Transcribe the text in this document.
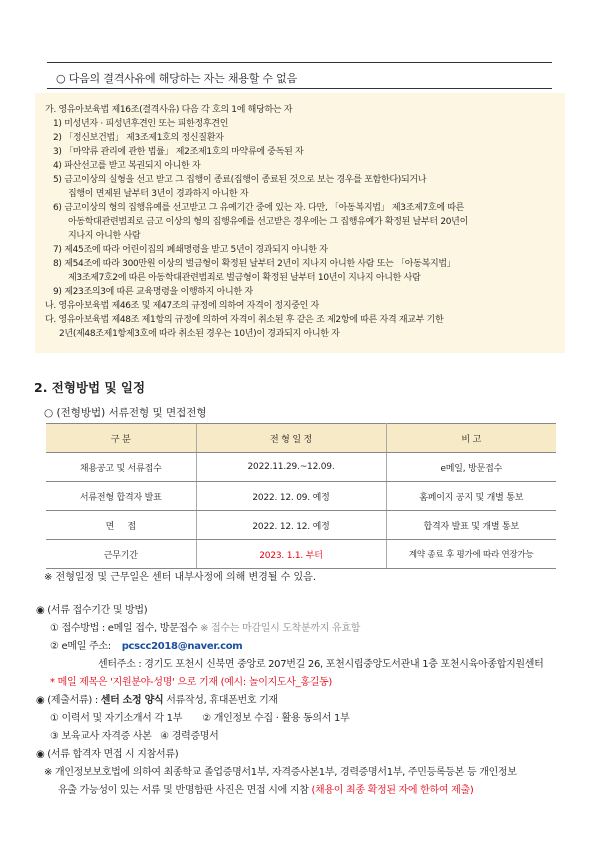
○ 다음의 결격사유에 해당하는 자는 채용할 수 없음
가. 영유아보육법 제16조(결격사유) 다음 각 호의 1에 해당하는 자
1) 미성년자 · 피성년후견인 또는 피한정후견인
2) 「정신보건법」 제3조제1호의 정신질환자
3) 「마약류 관리에 관한 법률」 제2조제1호의 마약류에 중독된 자
4) 파산선고를 받고 복권되지 아니한 자
5) 금고이상의 실형을 선고 받고 그 집행이 종료(집행이 종료된 것으로 보는 경우를 포함한다)되거나
집행이 면제된 날부터 3년이 경과하지 아니한 자
6) 금고이상의 형의 집행유예를 선고받고 그 유예기간 중에 있는 자. 다만, 「아동복지법」 제3조제7호에 따른
아동학대관련범죄로 금고 이상의 형의 집행유예를 선고받은 경우에는 그 집행유예가 확정된 날부터 20년이
지나지 아니한 사람
7) 제45조에 따라 어린이집의 폐쇄명령을 받고 5년이 경과되지 아니한 자
8) 제54조에 따라 300만원 이상의 벌금형이 확정된 날부터 2년이 지나지 아니한 사람 또는 「아동복지법」
제3조제7호2에 따른 아동학대관련범죄로 벌금형이 확정된 날부터 10년이 지나지 아니한 사람
9) 제23조의3에 따른 교육명령을 이행하지 아니한 자
나. 영유아보육법 제46조 및 제47조의 규정에 의하여 자격이 정지중인 자
다. 영유아보육법 제48조 제1항의 규정에 의하여 자격이 취소된 후 같은 조 제2항에 따른 자격 재교부 기한
2년(제48조제1항제3호에 따라 취소된 경우는 10년)이 경과되지 아니한 자
2. 전형방법 및 일정
○ (전형방법) 서류전형 및 면접전형
구 분	전 형 일 정	비 고
채용공고 및 서류접수	2022.11.29.~12.09.	e메일, 방문접수
서류전형 합격자 발표	2022. 12. 09. 예정	홈페이지 공지 및 개별 통보
면     접	2022. 12. 12. 예정	합격자 발표 및 개별 통보
근무기간	2023. 1.1. 부터	계약 종료 후 평가에 따라 연장가능
※ 전형일정 및 근무일은 센터 내부사정에 의해 변경될 수 있음.
◉ (서류 접수기간 및 방법)
① 접수방법 : e메일 접수, 방문접수 ※ 접수는 마감일시 도착분까지 유효함
② e메일 주소: pcscc2018@naver.com
센터주소 : 경기도 포천시 신북면 중앙로 207번길 26, 포천시립중앙도서관내 1층 포천시육아종합지원센터
* 메일 제목은 '지원분야-성명' 으로 기재 (예시: 놀이지도사_홍길동)
◉ (제출서류) : 센터 소정 양식 서류작성, 휴대폰번호 기재
① 이력서 및 자기소개서 각 1부       ② 개인정보 수집 · 활용 동의서 1부
③ 보육교사 자격증 사본   ④ 경력증명서
◉ (서류 합격자 면접 시 지참서류)
※ 개인정보보호법에 의하여 최종학교 졸업증명서1부, 자격증사본1부, 경력증명서1부, 주민등록등본 등 개인정보
유출 가능성이 있는 서류 및 반명함판 사진은 면접 시에 지참 (채용이 최종 확정된 자에 한하여 제출)
